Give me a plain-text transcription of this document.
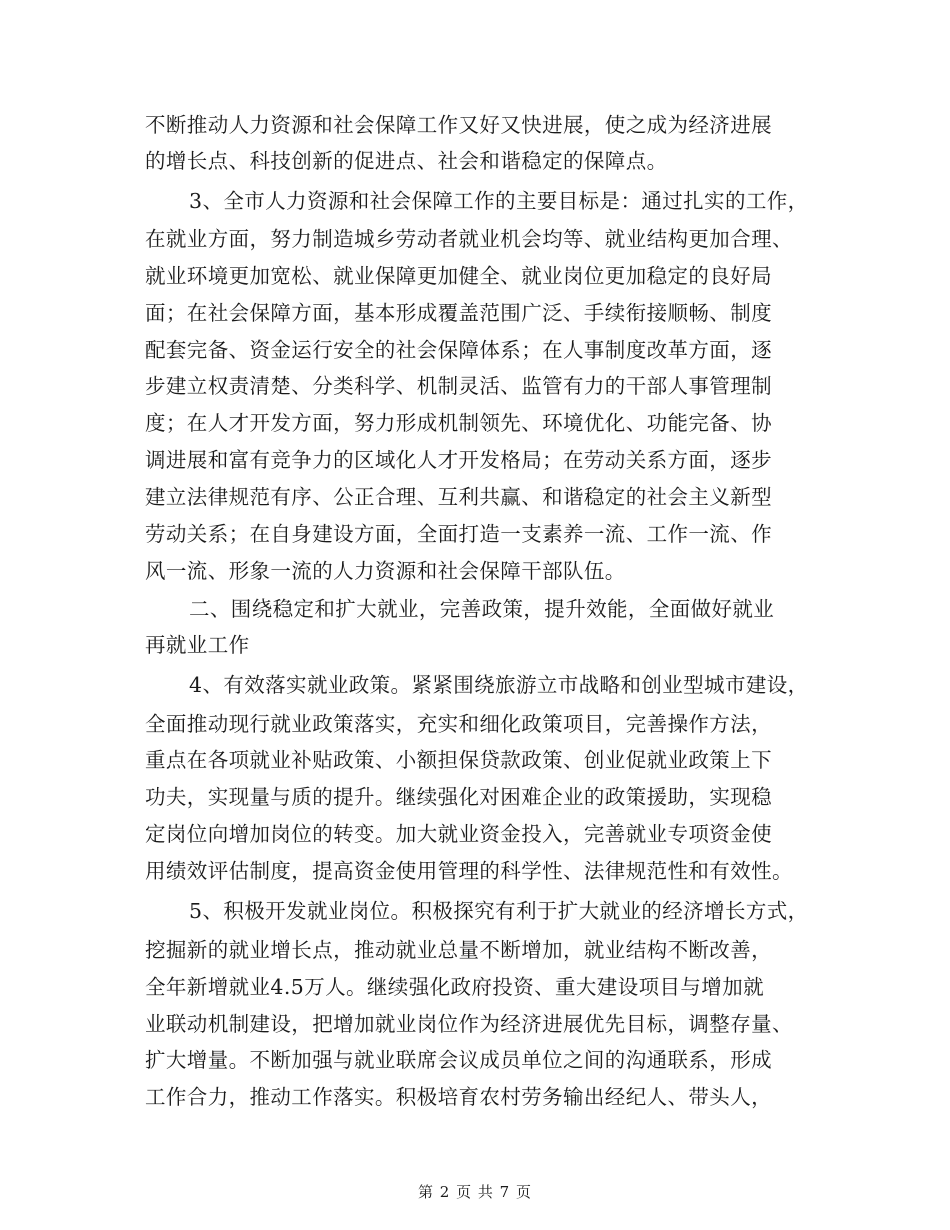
不断推动人力资源和社会保障工作又好又快进展，使之成为经济进展
的增长点、科技创新的促进点、社会和谐稳定的保障点。
3、全市人力资源和社会保障工作的主要目标是：通过扎实的工作，
在就业方面，努力制造城乡劳动者就业机会均等、就业结构更加合理、
就业环境更加宽松、就业保障更加健全、就业岗位更加稳定的良好局
面；在社会保障方面，基本形成覆盖范围广泛、手续衔接顺畅、制度
配套完备、资金运行安全的社会保障体系；在人事制度改革方面，逐
步建立权责清楚、分类科学、机制灵活、监管有力的干部人事管理制
度；在人才开发方面，努力形成机制领先、环境优化、功能完备、协
调进展和富有竞争力的区域化人才开发格局；在劳动关系方面，逐步
建立法律规范有序、公正合理、互利共赢、和谐稳定的社会主义新型
劳动关系；在自身建设方面，全面打造一支素养一流、工作一流、作
风一流、形象一流的人力资源和社会保障干部队伍。
二、围绕稳定和扩大就业，完善政策，提升效能，全面做好就业
再就业工作
4、有效落实就业政策。紧紧围绕旅游立市战略和创业型城市建设，
全面推动现行就业政策落实，充实和细化政策项目，完善操作方法，
重点在各项就业补贴政策、小额担保贷款政策、创业促就业政策上下
功夫，实现量与质的提升。继续强化对困难企业的政策援助，实现稳
定岗位向增加岗位的转变。加大就业资金投入，完善就业专项资金使
用绩效评估制度，提高资金使用管理的科学性、法律规范性和有效性。
5、积极开发就业岗位。积极探究有利于扩大就业的经济增长方式，
挖掘新的就业增长点，推动就业总量不断增加，就业结构不断改善，
全年新增就业4.5万人。继续强化政府投资、重大建设项目与增加就
业联动机制建设，把增加就业岗位作为经济进展优先目标，调整存量、
扩大增量。不断加强与就业联席会议成员单位之间的沟通联系，形成
工作合力，推动工作落实。积极培育农村劳务输出经纪人、带头人，
第 2 页 共 7 页
